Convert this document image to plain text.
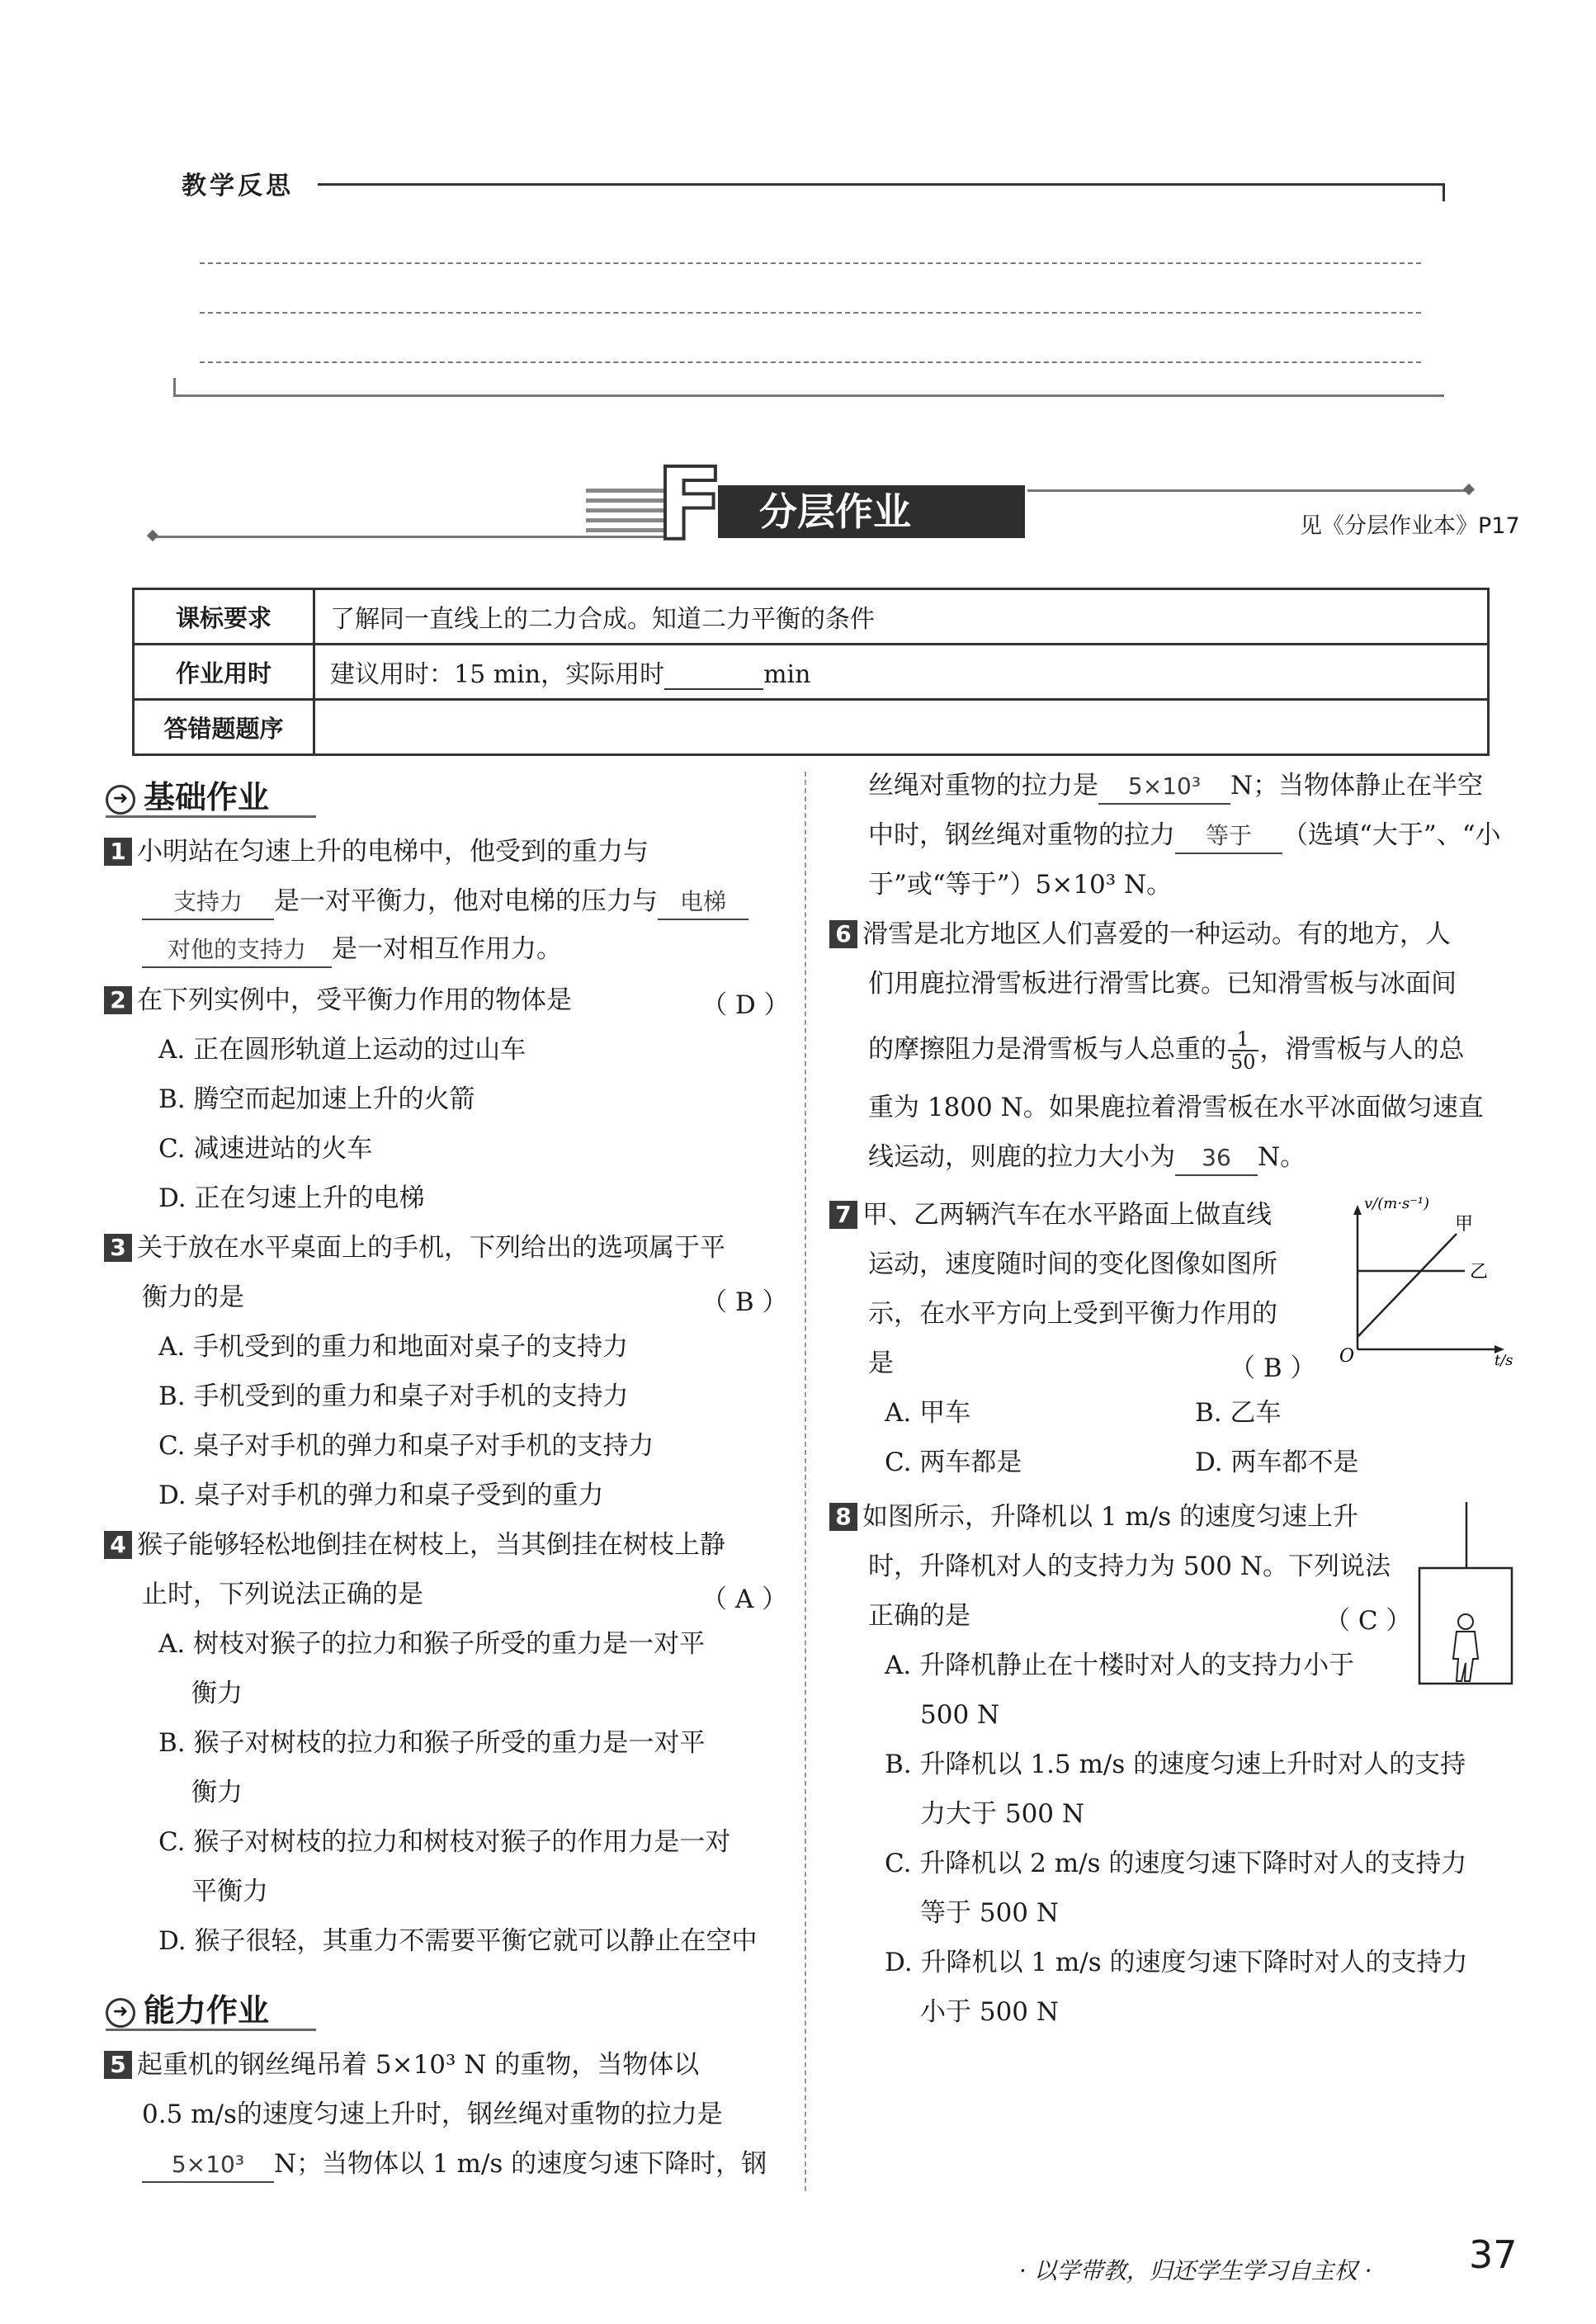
教学反思
分层作业
F	见《分层作业本》P17
课标要求	了解同一直线上的二力合成。知道二力平衡的条件
作业用时	建议用时：15 min，实际用时 min
答错题题序	
➜ 基础作业
1 小明站在匀速上升的电梯中，他受到的重力与
支持力 是一对平衡力，他对电梯的压力与 电梯
对他的支持力 是一对相互作用力。
2 在下列实例中，受平衡力作用的物体是	（ D ）
A. 正在圆形轨道上运动的过山车
B. 腾空而起加速上升的火箭
C. 减速进站的火车
D. 正在匀速上升的电梯
3 关于放在水平桌面上的手机，下列给出的选项属于平
衡力的是	（ B ）
A. 手机受到的重力和地面对桌子的支持力
B. 手机受到的重力和桌子对手机的支持力
C. 桌子对手机的弹力和桌子对手机的支持力
D. 桌子对手机的弹力和桌子受到的重力
4 猴子能够轻松地倒挂在树枝上，当其倒挂在树枝上静
止时，下列说法正确的是	（ A ）
A. 树枝对猴子的拉力和猴子所受的重力是一对平
衡力
B. 猴子对树枝的拉力和猴子所受的重力是一对平
衡力
C. 猴子对树枝的拉力和树枝对猴子的作用力是一对
平衡力
D. 猴子很轻，其重力不需要平衡它就可以静止在空中
➜ 能力作业
5 起重机的钢丝绳吊着 5×10³ N 的重物，当物体以
0.5 m/s的速度匀速上升时，钢丝绳对重物的拉力是
5×10³ N；当物体以 1 m/s 的速度匀速下降时，钢
丝绳对重物的拉力是 5×10³ N；当物体静止在半空
中时，钢丝绳对重物的拉力 等于 （选填“大于”、“小
于”或“等于”）5×10³ N。
6 滑雪是北方地区人们喜爱的一种运动。有的地方，人
们用鹿拉滑雪板进行滑雪比赛。已知滑雪板与冰面间
的摩擦阻力是滑雪板与人总重的 $\frac{1}{50}$ ，滑雪板与人的总
重为 1800 N。如果鹿拉着滑雪板在水平冰面做匀速直
线运动，则鹿的拉力大小为 36 N。
7 甲、乙两辆汽车在水平路面上做直线
运动，速度随时间的变化图像如图所
示，在水平方向上受到平衡力作用的
是	（ B ）
v/(m·s⁻¹)
甲
乙
O	t/s
A. 甲车	B. 乙车
C. 两车都是	D. 两车都不是
8 如图所示，升降机以 1 m/s 的速度匀速上升
时，升降机对人的支持力为 500 N。下列说法
正确的是	（ C ）
A. 升降机静止在十楼时对人的支持力小于
500 N
B. 升降机以 1.5 m/s 的速度匀速上升时对人的支持
力大于 500 N
C. 升降机以 2 m/s 的速度匀速下降时对人的支持力
等于 500 N
D. 升降机以 1 m/s 的速度匀速下降时对人的支持力
小于 500 N
· 以学带教，归还学生学习自主权 ·	37
